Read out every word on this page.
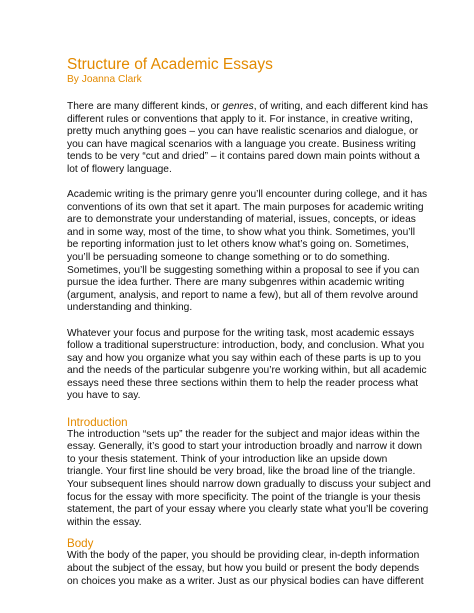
Structure of Academic Essays

By Joanna Clark

There are many different kinds, or genres, of writing, and each different kind has
different rules or conventions that apply to it. For instance, in creative writing,
pretty much anything goes – you can have realistic scenarios and dialogue, or
you can have magical scenarios with a language you create. Business writing
tends to be very “cut and dried” – it contains pared down main points without a
lot of flowery language.
Academic writing is the primary genre you’ll encounter during college, and it has
conventions of its own that set it apart. The main purposes for academic writing
are to demonstrate your understanding of material, issues, concepts, or ideas
and in some way, most of the time, to show what you think. Sometimes, you’ll
be reporting information just to let others know what’s going on. Sometimes,
you’ll be persuading someone to change something or to do something.
Sometimes, you’ll be suggesting something within a proposal to see if you can
pursue the idea further. There are many subgenres within academic writing
(argument, analysis, and report to name a few), but all of them revolve around
understanding and thinking.
Whatever your focus and purpose for the writing task, most academic essays
follow a traditional superstructure: introduction, body, and conclusion. What you
say and how you organize what you say within each of these parts is up to you
and the needs of the particular subgenre you’re working within, but all academic
essays need these three sections within them to help the reader process what
you have to say.
Introduction
The introduction “sets up” the reader for the subject and major ideas within the
essay. Generally, it’s good to start your introduction broadly and narrow it down
to your thesis statement. Think of your introduction like an upside down
triangle. Your first line should be very broad, like the broad line of the triangle.
Your subsequent lines should narrow down gradually to discuss your subject and
focus for the essay with more specificity. The point of the triangle is your thesis
statement, the part of your essay where you clearly state what you’ll be covering
within the essay.
Body
With the body of the paper, you should be providing clear, in-depth information
about the subject of the essay, but how you build or present the body depends
on choices you make as a writer. Just as our physical bodies can have different
